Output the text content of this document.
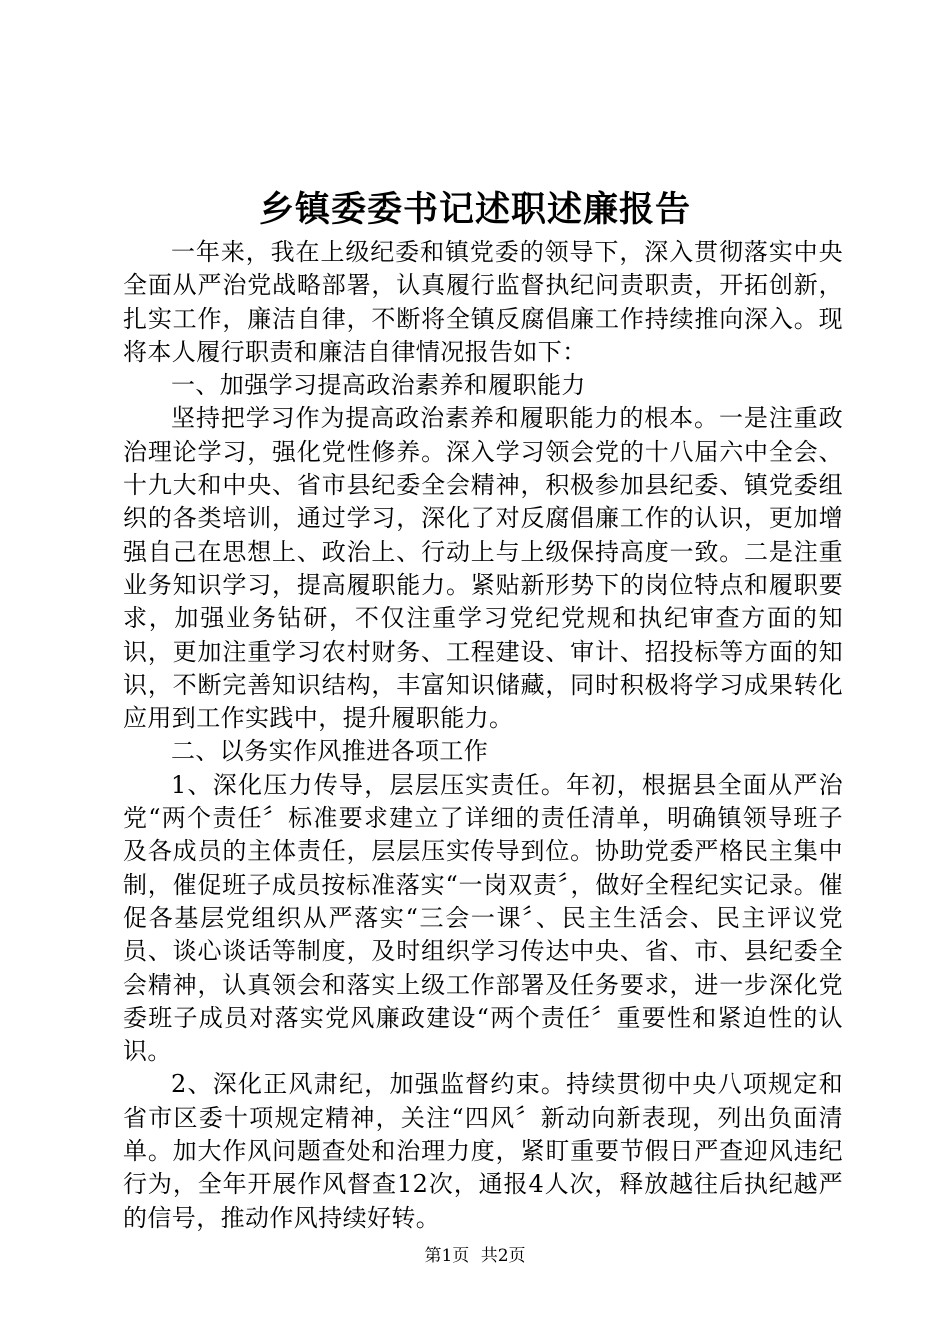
乡镇委委书记述职述廉报告

一年来，我在上级纪委和镇党委的领导下，深入贯彻落实中央全面从严治党战略部署，认真履行监督执纪问责职责，开拓创新，扎实工作，廉洁自律，不断将全镇反腐倡廉工作持续推向深入。现将本人履行职责和廉洁自律情况报告如下：

一、加强学习提高政治素养和履职能力

坚持把学习作为提高政治素养和履职能力的根本。一是注重政治理论学习，强化党性修养。深入学习领会党的十八届六中全会、十九大和中央、省市县纪委全会精神，积极参加县纪委、镇党委组织的各类培训，通过学习，深化了对反腐倡廉工作的认识，更加增强自己在思想上、政治上、行动上与上级保持高度一致。二是注重业务知识学习，提高履职能力。紧贴新形势下的岗位特点和履职要求，加强业务钻研，不仅注重学习党纪党规和执纪审查方面的知识，更加注重学习农村财务、工程建设、审计、招投标等方面的知识，不断完善知识结构，丰富知识储藏，同时积极将学习成果转化应用到工作实践中，提升履职能力。

二、以务实作风推进各项工作

1、深化压力传导，层层压实责任。年初，根据县全面从严治党“两个责任〞标准要求建立了详细的责任清单，明确镇领导班子及各成员的主体责任，层层压实传导到位。协助党委严格民主集中制，催促班子成员按标准落实“一岗双责〞，做好全程纪实记录。催促各基层党组织从严落实“三会一课〞、民主生活会、民主评议党员、谈心谈话等制度，及时组织学习传达中央、省、市、县纪委全会精神，认真领会和落实上级工作部署及任务要求，进一步深化党委班子成员对落实党风廉政建设“两个责任〞重要性和紧迫性的认识。

2、深化正风肃纪，加强监督约束。持续贯彻中央八项规定和省市区委十项规定精神，关注“四风〞新动向新表现，列出负面清单。加大作风问题查处和治理力度，紧盯重要节假日严查迎风违纪行为，全年开展作风督查12次，通报4人次，释放越往后执纪越严的信号，推动作风持续好转。

第1页 共2页
